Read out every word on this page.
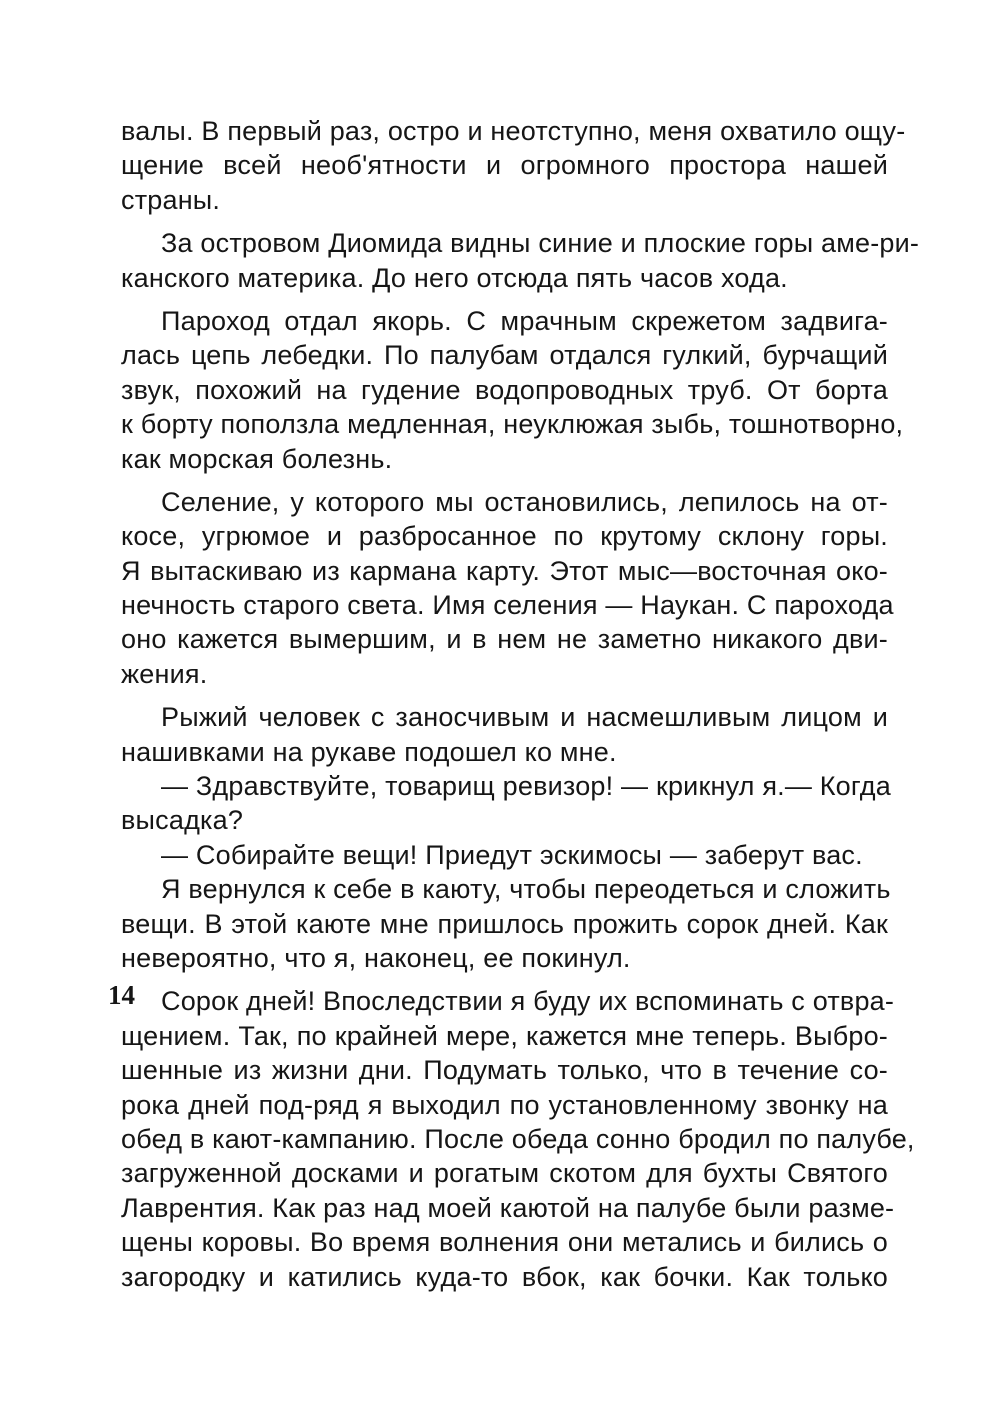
валы. В первый раз, остро и неотступно, меня охватило ощу-
щение всей необ'ятности и огромного простора нашей
страны.
За островом Диомида видны синие и плоские горы аме-ри-
канского материка. До него отсюда пять часов хода.
Пароход отдал якорь. С мрачным скрежетом задвига-
лась цепь лебедки. По палубам отдался гулкий, бурчащий
звук, похожий на гудение водопроводных труб. От борта
к борту поползла медленная, неуклюжая зыбь, тошнотворно,
как морская болезнь.
Селение, у которого мы остановились, лепилось на от-
косе, угрюмое и разбросанное по крутому склону горы.
Я вытаскиваю из кармана карту. Этот мыс—восточная око-
нечность старого света. Имя селения — Наукан. С парохода
оно кажется вымершим, и в нем не заметно никакого дви-
жения.
Рыжий человек с заносчивым и насмешливым лицом и
нашивками на рукаве подошел ко мне.
— Здравствуйте, товарищ ревизор! — крикнул я.— Когда
высадка?
— Собирайте вещи! Приедут эскимосы — заберут вас.
Я вернулся к себе в каюту, чтобы переодеться и сложить
вещи. В этой каюте мне пришлось прожить сорок дней. Как
невероятно, что я, наконец, ее покинул.
Сорок дней! Впоследствии я буду их вспоминать с отвра-
щением. Так, по крайней мере, кажется мне теперь. Выбро-
шенные из жизни дни. Подумать только, что в течение со-
рока дней под-ряд я выходил по установленному звонку на
обед в кают-кампанию. После обеда сонно бродил по палубе,
загруженной досками и рогатым скотом для бухты Святого
Лаврентия. Как раз над моей каютой на палубе были разме-
щены коровы. Во время волнения они метались и бились о
загородку и катились куда-то вбок, как бочки. Как только
14
